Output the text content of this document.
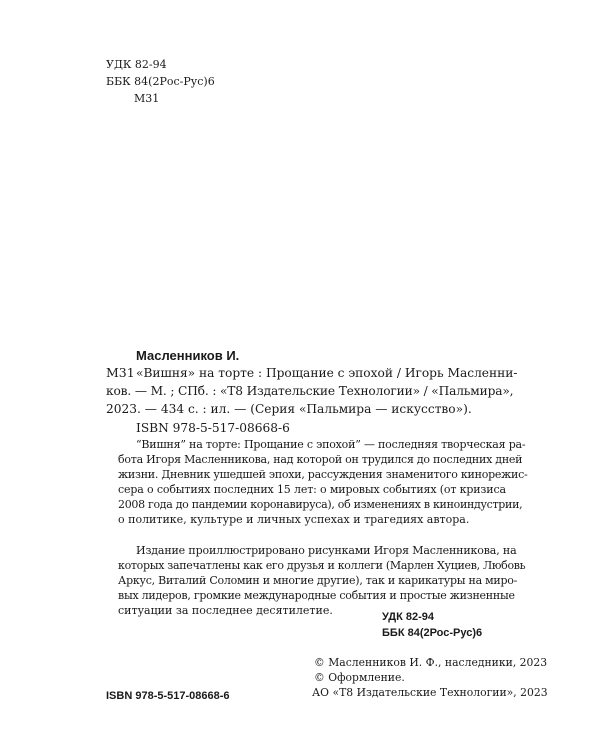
УДК 82-94
ББК 84(2Рос-Рус)6
М31
Масленников И.
М31 «Вишня» на торте : Прощание с эпохой / Игорь Масленни-
ков. — М. ; СПб. : «Т8 Издательские Технологии» / «Пальмира»,
2023. — 434 с. : ил. — (Серия «Пальмира — искусство»).
ISBN 978-5-517-08668-6
“Вишня” на торте: Прощание с эпохой” — последняя творческая ра-
бота Игоря Масленникова, над которой он трудился до последних дней
жизни. Дневник ушедшей эпохи, рассуждения знаменитого кинорежис-
сера о событиях последних 15 лет: о мировых событиях (от кризиса
2008 года до пандемии коронавируса), об изменениях в киноиндустрии,
о политике, культуре и личных успехах и трагедиях автора.
Издание проиллюстрировано рисунками Игоря Масленникова, на
которых запечатлены как его друзья и коллеги (Марлен Хуциев, Любовь
Аркус, Виталий Соломин и многие другие), так и карикатуры на миро-
вых лидеров, громкие международные события и простые жизненные
ситуации за последнее десятилетие.	УДК 82-94
ББК 84(2Рос-Рус)6
ISBN 978-5-517-08668-6
© Масленников И. Ф., наследники, 2023
© Оформление.
АО «Т8 Издательские Технологии», 2023
